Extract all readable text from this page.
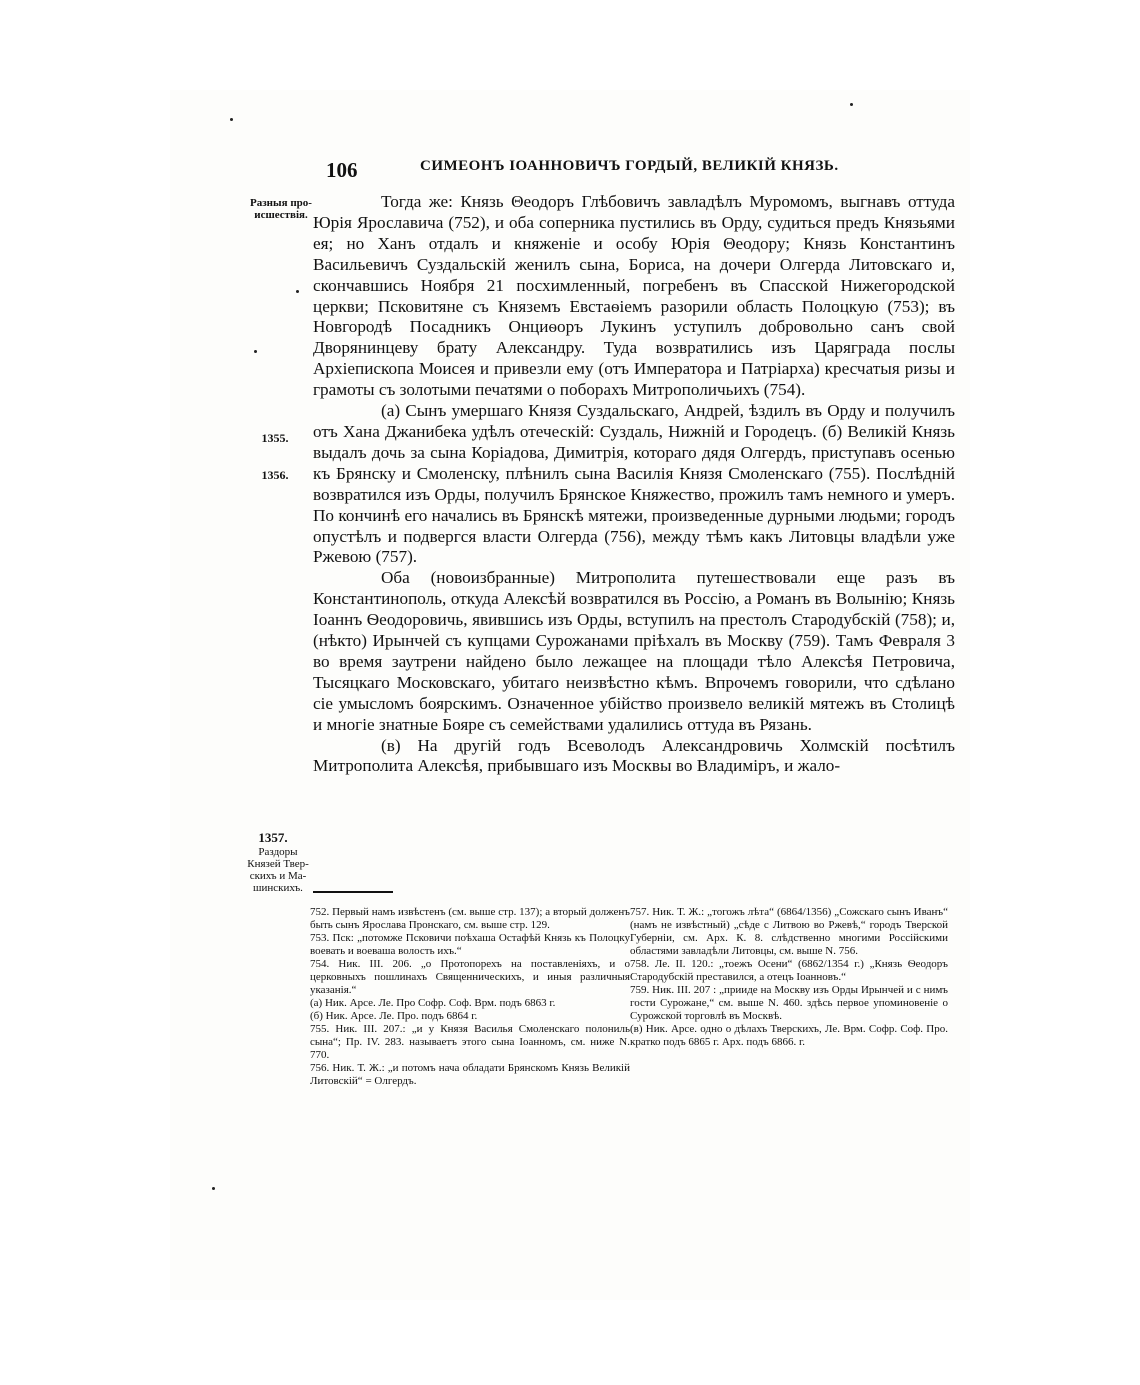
106	СИМЕОНЪ ІОАННОВИЧЪ ГОРДЫЙ, ВЕЛИКІЙ КНЯЗЬ.
Разныя про-
исшествія.
1355.
1356.
1357.
Раздоры
Князей Твер-
скихъ и Ма-
шинскихъ.

Тогда же: Князь Θеодоръ Глѣбовичъ завладѣлъ Муромомъ, выгнавъ оттуда Юрія Ярославича (752), и оба соперника пустились въ Орду, судиться предъ Князьями ея; но Ханъ отдалъ и княженіе и особу Юрія Θеодору; Князь Константинъ Васильевичъ Суздальскій женилъ сына, Бориса, на дочери Олгерда Литовскаго и, скончавшись Ноября 21 посхимленный, погребенъ въ Спасской Нижегородской церкви; Псковитяне съ Княземъ Евстаѳіемъ разорили область Полоцкую (753); въ Новгородѣ Посадникъ Онциѳоръ Лукинъ уступилъ добровольно санъ свой Дворянинцеву брату Александру. Туда возвратились изъ Царяграда послы Архіепископа Моисея и привезли ему (отъ Императора и Патріарха) кресчатыя ризы и грамоты съ золотыми печатями о поборахъ Митрополичьихъ (754).

(а) Сынъ умершаго Князя Суздальскаго, Андрей, ѣздилъ въ Орду и получилъ отъ Хана Джанибека удѣлъ отеческій: Суздаль, Нижній и Городецъ. (б) Великій Князь выдалъ дочь за сына Коріадова, Димитрія, котораго дядя Олгердъ, приступавъ осенью къ Брянску и Смоленску, плѣнилъ сына Василія Князя Смоленскаго (755). Послѣдній возвратился изъ Орды, получилъ Брянское Княжество, прожилъ тамъ немного и умеръ. По кончинѣ его начались въ Брянскѣ мятежи, произведенные дурными людьми; городъ опустѣлъ и подвергся власти Олгерда (756), между тѣмъ какъ Литовцы владѣли уже Ржевою (757).

Оба (новоизбранные) Митрополита путешествовали еще разъ въ Константинополь, откуда Алексѣй возвратился въ Россію, а Романъ въ Волынію; Князь Іоаннъ Ѳеодоровичь, явившись изъ Орды, вступилъ на престолъ Стародубскій (758); и, (нѣкто) Ирынчей съ купцами Сурожанами пріѣхалъ въ Москву (759). Тамъ Февраля 3 во время заутрени найдено было лежащее на площади тѣло Алексѣя Петровича, Тысяцкаго Московскаго, убитаго неизвѣстно кѣмъ. Впрочемъ говорили, что сдѣлано сіе умысломъ боярскимъ. Означенное убійство произвело великій мятежъ въ Столицѣ и многіе знатные Бояре съ семействами удалились оттуда въ Рязань.

(в) На другій годъ Всеволодъ Александровичь Холмскій посѣтилъ Митрополита Алексѣя, прибывшаго изъ Москвы во Владиміръ, и жало-

752. Первый намъ извѣстенъ (см. выше стр. 137); а вторый долженъ быть сынъ Ярослава Пронскаго, см. выше стр. 129.
753. Пск: „потомже Псковичи поѣхаша Остафѣй Князь къ Полоцку воевать и воеваша волость ихъ.“
754. Ник. III. 206. „о Протопорехъ на поставленіяхъ, и о церковныхъ пошлинахъ Священническихъ, и иныя различныя указанія.“
(а) Ник. Арсе. Ле. Про Софр. Соф. Врм. подъ 6863 г.
(б) Ник. Арсе. Ле. Про. подъ 6864 г.
755. Ник. III. 207.: „и у Князя Василья Смоленскаго полониль сына“; Пр. IV. 283. называетъ этого сына Іоанномъ, см. ниже N. 770.
756. Ник. Т. Ж.: „и потомъ нача обладати Брянскомъ Князь Великій Литовскій“ = Олгердъ.
757. Ник. Т. Ж.: „тогожъ лѣта“ (6864/1356) „Сожскаго сынъ Иванъ“ (намъ не извѣстный) „сѣде с Литвою во Ржевѣ,“ городъ Тверской Губерніи, см. Арх. К. 8. слѣдственно многими Россійскими областями завладѣли Литовцы, см. выше N. 756.
758. Ле. II. 120.: „тоежъ Осени“ (6862/1354 г.) „Князь Ѳеодоръ Стародубскій преставился, а отецъ Іоанновъ.“
759. Ник. III. 207 : „прииде на Москву изъ Орды Ирынчей и с нимъ гости Сурожане,“ см. выше N. 460. здѣсь первое упоминовеніе о Сурожской торговлѣ въ Москвѣ.
(в) Ник. Арсе. одно о дѣлахъ Тверскихъ, Ле. Врм. Софр. Соф. Про. кратко подъ 6865 г. Арх. подъ 6866. г.
